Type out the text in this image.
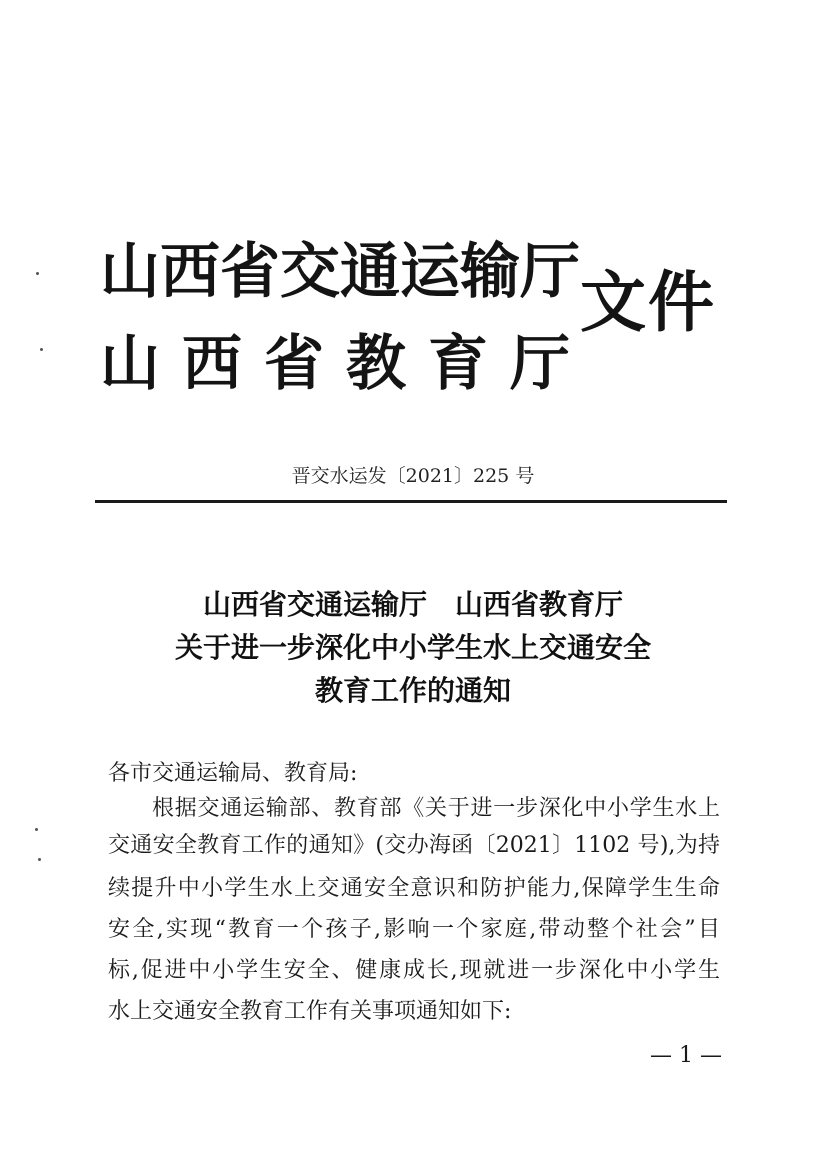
山 西 省 交 通 运 输 厅
山 西 省 教 育 厅
文件
晋交水运发〔2021〕225 号
山西省交通运输厅　山西省教育厅
关于进一步深化中小学生水上交通安全
教育工作的通知
各市交通运输局、教育局:
根据交通运输部、教育部《关于进一步深化中小学生水上
交通安全教育工作的通知》(交办海函〔2021〕1102 号),为持
续提升中小学生水上交通安全意识和防护能力,保障学生生命
安全,实现“教育一个孩子,影响一个家庭,带动整个社会”目
标,促进中小学生安全、健康成长,现就进一步深化中小学生
水上交通安全教育工作有关事项通知如下:
— 1 —
